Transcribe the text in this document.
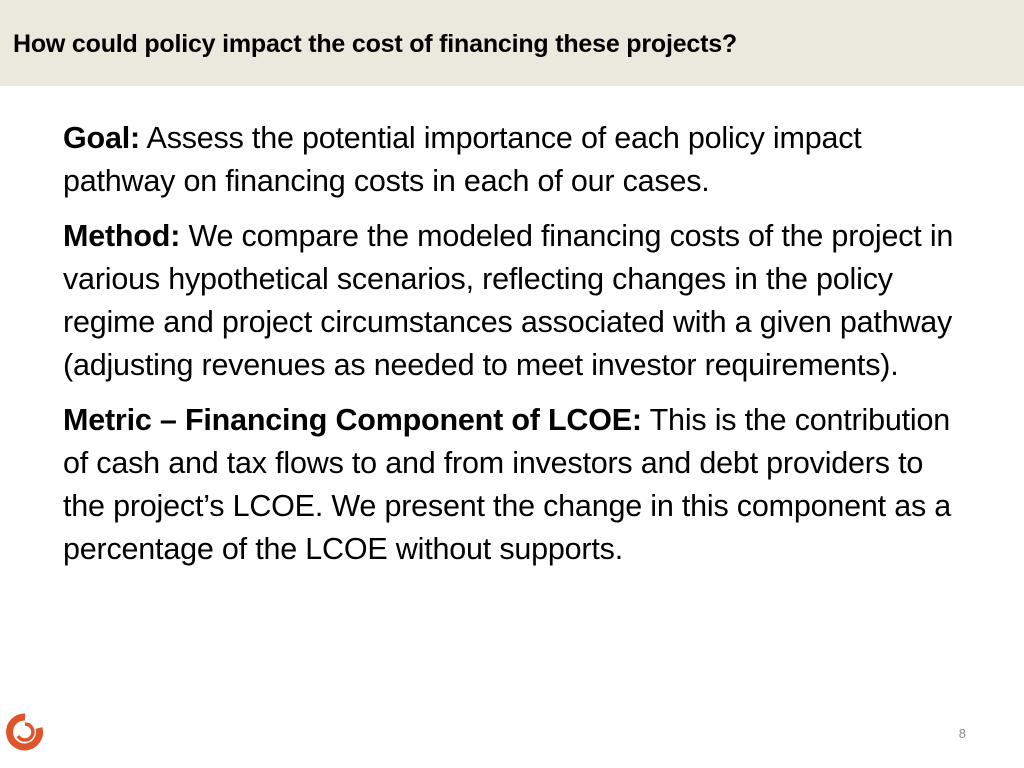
How could policy impact the cost of financing these projects?

Goal: Assess the potential importance of each policy impact pathway on financing costs in each of our cases.

Method: We compare the modeled financing costs of the project in various hypothetical scenarios, reflecting changes in the policy regime and project circumstances associated with a given pathway (adjusting revenues as needed to meet investor requirements).

Metric – Financing Component of LCOE: This is the contribution of cash and tax flows to and from investors and debt providers to the project’s LCOE. We present the change in this component as a percentage of the LCOE without supports.

8
